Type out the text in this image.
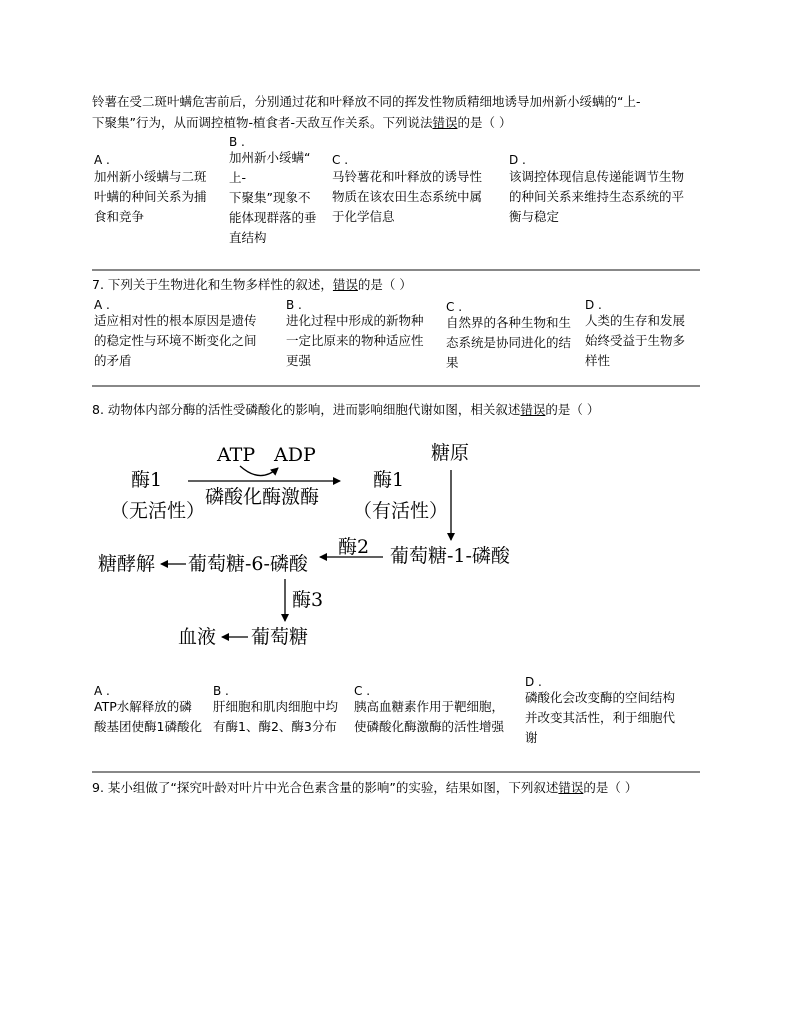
铃薯在受二斑叶螨危害前后，分别通过花和叶释放不同的挥发性物质精细地诱导加州新小绥螨的“上-
下聚集”行为，从而调控植物-植食者-天敌互作关系。下列说法错误的是（ ）
A .
加州新小绥螨与二斑
叶螨的种间关系为捕
食和竞争
B .
加州新小绥螨“
上-
下聚集”现象不
能体现群落的垂
直结构
C .
马铃薯花和叶释放的诱导性
物质在该农田生态系统中属
于化学信息
D .
该调控体现信息传递能调节生物
的种间关系来维持生态系统的平
衡与稳定
7. 下列关于生物进化和生物多样性的叙述，错误的是（ ）
A .
适应相对性的根本原因是遗传
的稳定性与环境不断变化之间
的矛盾
B .
进化过程中形成的新物种
一定比原来的物种适应性
更强
C .
自然界的各种生物和生
态系统是协同进化的结
果
D .
人类的生存和发展
始终受益于生物多
样性
8. 动物体内部分酶的活性受磷酸化的影响，进而影响细胞代谢如图，相关叙述错误的是（ ）
ATP ADP
酶1
（无活性）
磷酸化酶激酶
酶1
（有活性）
糖原
葡萄糖-1-磷酸
酶2
葡萄糖-6-磷酸
糖酵解
酶3
葡萄糖
血液
A .
ATP水解释放的磷
酸基团使酶1磷酸化
B .
肝细胞和肌肉细胞中均
有酶1、酶2、酶3分布
C .
胰高血糖素作用于靶细胞，
使磷酸化酶激酶的活性增强
D .
磷酸化会改变酶的空间结构
并改变其活性，利于细胞代
谢
9. 某小组做了“探究叶龄对叶片中光合色素含量的影响”的实验，结果如图，下列叙述错误的是（ ）
